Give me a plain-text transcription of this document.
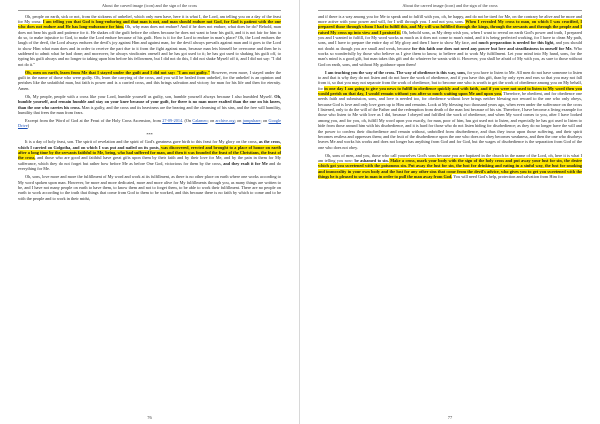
About the carved image (icon) and the sign of the cross

Oh, people on earth, sick or not, from the sickness of unbelief, which only men have, here it is what I, the Lord, am telling you on a day of the feast for My cross: I am telling you that God is long-enduring and that man is not, and man should endure not God, for God is patient with the one who does not endure and He has long-endurance for him. Oh, why man does not endure? And if he does not endure, what does he do? Behold, man does not bear his guilt and patience for it. He shakes off the guilt before the others because he does not want to bear his guilt, and it is not fair for him to do so, to make injustice to God, to make the Lord endure because of his guilt. How is it for the Lord to endure in man's place? Oh, the Lord endures the laugh of the devil, the Lord always endures the devil's joy against Him and against man, for the devil always prevails against man and it goes to the Lord to show Him what man does and in order to receive the part due to it from the fight against man, because man lets himself be overcome and then he is saddened to admit what he had done; and moreover, he always vindicates oneself and he has got used to it; he has got used to shaking his guilt off, to typing his guilt always and no longer to taking upon him before his fellowmen, but I did not do this, I did not shake Myself off it, and I did not say: "I did not do it."

Oh, men on earth, learn from Me that I stayed under the guilt and I did not say: "I am not guilty." However, even more, I stayed under the guilt in the name of those who were guilty. Oh, learn the carrying of the cross, and you will be healed from unbelief, for the unbelief is an opinion and perishes like the unfaithful man, but faith is power and is a carried cross, and this brings salvation and victory for man for his life and then for eternity. Amen.

Oh, My people, people with a cross like your Lord, humble yourself as guilty, son, humble yourself always because I also humbled Myself. Oh, humble yourself, and remain humble and stay on your knee because of your guilt, for there is no man more exalted than the one on his knees, than the one who carries his cross. Man is guilty, and the cross and its heaviness are the bearing and the cleansing of his sins, and the free will humility, humility that frees the man from fears.

Excerpt from the Word of God at the Feast of the Holy Cross Ascension, from 27-09-2014. (On Calameo; on archive.org; on jumpshare; on Google Drive)

***

It is a day of holy feast, son. The spirit of revelation and the spirit of God's greatness gave birth to this feast for My glory on the cross, as the cross, which I carried on Golgotha, and on which I was put and nailed on its posts, was discovered, erected and brought to a place of honor on earth after a long time by the servants faithful to Me, being, who had suffered for man, and then it was founded the feast of the Christians, the feast of the cross, and those who are good and faithful have great gifts upon them by their faith and by their love for Me, and by the pain in them for My sufferance, which they do not forget but rather bow before Me as before One God, victorious for them by the cross, and they exalt it for Me and do everything for Me.

Oh, sons, love more and more the fulfillment of My word and work at its fulfillment, as there is no other place on earth where one works according to My word spoken upon man. However, be more and more dedicated, more and more alive for My fulfillments through you, as many things are written to be, and I have not many people on earth to have them, to know them and not to forget them, to be able to work their fulfillment. There are no people on earth to work according to the truth that things that come from God to them to be worked, and this because there is no faith by which to come and to be with the people and to work in their midst,

76
About the carved image (icon) and the sign of the cross

and if there is a way among you for Me to speak and to fulfill with you, oh, be happy, and do not be tired for Me, on the contrary be alive and be more and more active with your power and will, for I will through you. I and not you, sons. When I revealed My cross to man, on which I was crucified, I prepared those through whom I had to fulfill this, and My will was fulfilled through the kings, through the servants and through the people and I raised My cross up into view and I praised it. Oh, behold sons, as My deep wish you, when I want to reveal on earth God's power and truth, I prepared you and I wanted to fulfill, for My word works as much as it does not come to man's mind, and it is being perfected working, for I have to clean My path, sons, and I have to prepare the entire day of My glory and then I have to show My face, and much preparation is needed for this light, and you should not doubt as though you are small and weak, because for this faith one does not need any power but love and steadfastness in oneself for Me. Who works so wonderfully by those who believe as I give them to know, to believe and to work My fulfillment. Let your mind into My hand, sons, for the man's mind is a good gift, but man takes this gift and do whatever he wants with it. However, you shall be afraid of My with you, as sure to those without God on earth, sons, and without My guidance upon them!

I am teaching you the way of the cross. The way of obedience is this way, sons, for you have to listen to Me. All men do not have someone to listen to and that is why they do not listen and do not have the work of obedience, and if you have this gift, than by only eyes and ears so that you may not fall from it, so that you may not separate from the work of obedience, but to become one who is worth to get the work of obedience among you on My behalf, for in one day I am going to give you news to fulfill in obedience quickly and with faith, and if you were not used to listen to My word then you would perish on that day, I would remain without you after so much waiting upon Me and upon you. Therefore, be obedient, and for obedience one needs faith and submission, sons, and love is needed too, for obedience without love brings neither blessing nor reward to the one who only obeys, because God is love and only love goes up to Him and remains. Look at My blessing two thousand years ago, when even under the sufferance on the cross I listened, only to do the will of the Father and the redemption from death of the man lost because of his sin. Therefore, I have become a living example for those who listen to Me with love as I did, because I obeyed and fulfilled the work of obedience, and when My word comes to you, after I have looked among you, and for you, oh, fulfill My word upon you exactly, for man, poor of him, has got used not to listen, and especially he has got used to listen to hide from those around him with his disobedience, and it is hard for those who do not listen hiding for disobedience; as they do no longer have the will and the power to confess their disobedience and remain without, unbridled from disobedience, and thus they incur upon those suffering, and their spirit becomes restless and oppresses them; and the fruit of the disobedience upon the one who does not obey becomes weakness, and then the one who disobeys leaves Me and works his works and does not longer has anything from God and for God, but the wages of disobedience is the separation from God of the one who does not obey.

Oh, sons of men, and you, those who call yourselves God's sons because you are baptized in the church in the name of the Lord, oh, here it is what I am telling you now: be ashamed to sin. Make a cross, mark your body with the sign of the holy cross and put away your lust for sin, the desire which got you sweetened with the poisonous sin. Put away the lust for sin, the lust for drinking and eating in a sinful way, the lust for smoking and immorality in your own body and the lust for any other sins that come from the devil's advice, who gives you to get you sweetened with the things he is pleased to see in man in order to pull the man away from God. You will need God's help, protection and salvation from Him for

77
